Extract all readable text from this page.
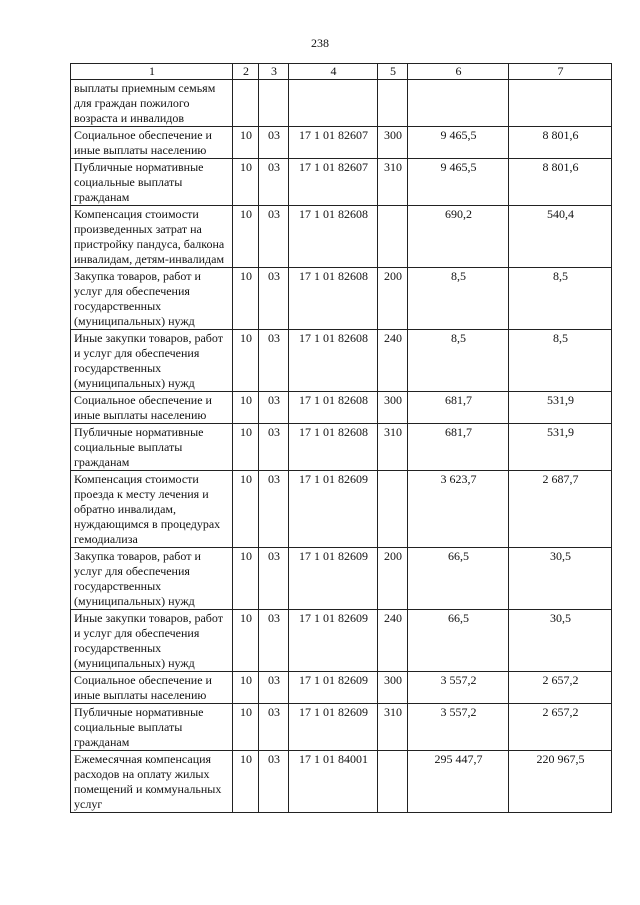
238
1	2	3	4	5	6	7
выплаты приемным семьям для граждан пожилого возраста и инвалидов						
Социальное обеспечение и иные выплаты населению	10	03	17 1 01 82607	300	9 465,5	8 801,6
Публичные нормативные социальные выплаты гражданам	10	03	17 1 01 82607	310	9 465,5	8 801,6
Компенсация стоимости произведенных затрат на пристройку пандуса, балкона инвалидам, детям-инвалидам	10	03	17 1 01 82608		690,2	540,4
Закупка товаров, работ и услуг для обеспечения государственных (муниципальных) нужд	10	03	17 1 01 82608	200	8,5	8,5
Иные закупки товаров, работ и услуг для обеспечения государственных (муниципальных) нужд	10	03	17 1 01 82608	240	8,5	8,5
Социальное обеспечение и иные выплаты населению	10	03	17 1 01 82608	300	681,7	531,9
Публичные нормативные социальные выплаты гражданам	10	03	17 1 01 82608	310	681,7	531,9
Компенсация стоимости проезда к месту лечения и обратно инвалидам, нуждающимся в процедурах гемодиализа	10	03	17 1 01 82609		3 623,7	2 687,7
Закупка товаров, работ и услуг для обеспечения государственных (муниципальных) нужд	10	03	17 1 01 82609	200	66,5	30,5
Иные закупки товаров, работ и услуг для обеспечения государственных (муниципальных) нужд	10	03	17 1 01 82609	240	66,5	30,5
Социальное обеспечение и иные выплаты населению	10	03	17 1 01 82609	300	3 557,2	2 657,2
Публичные нормативные социальные выплаты гражданам	10	03	17 1 01 82609	310	3 557,2	2 657,2
Ежемесячная компенсация расходов на оплату жилых помещений и коммунальных услуг	10	03	17 1 01 84001		295 447,7	220 967,5
